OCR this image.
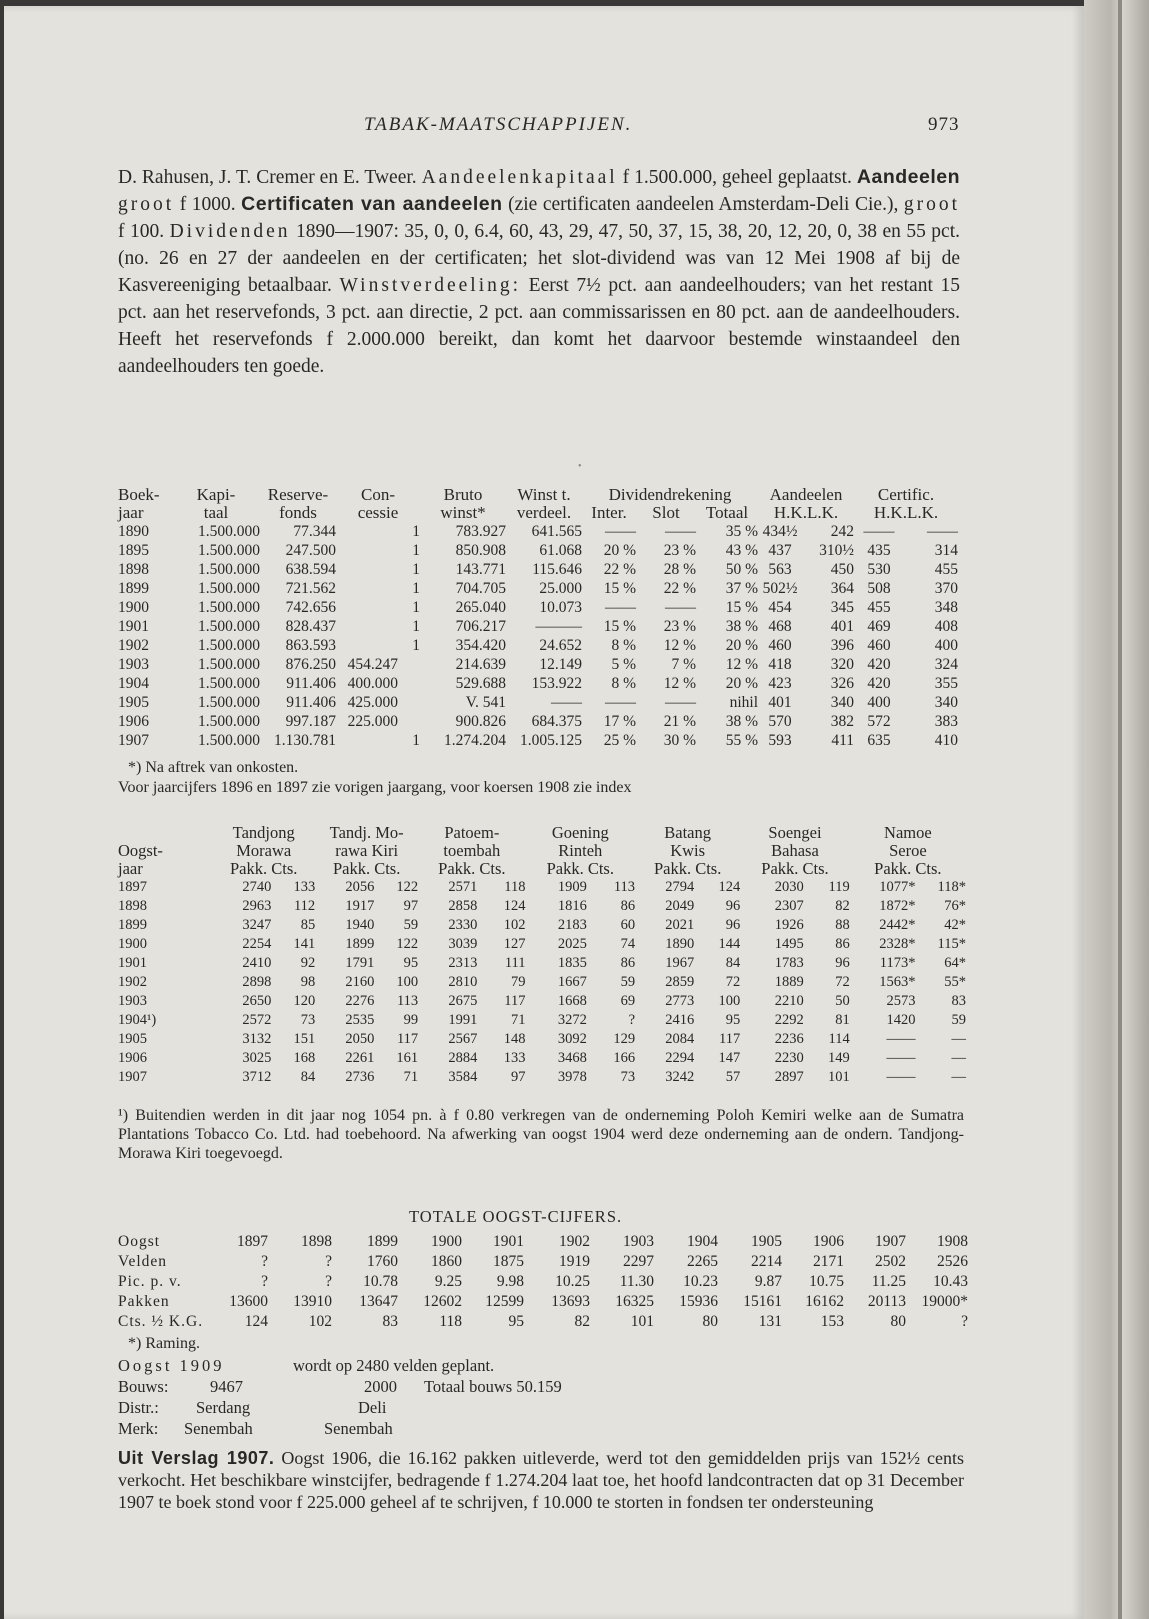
TABAK-MAATSCHAPPIJEN.	973

D. Rahusen, J. T. Cremer en E. Tweer. Aandeelenkapitaal f 1.500.000, geheel geplaatst. Aandeelen groot f 1000. Certificaten van aandeelen (zie certificaten aandeelen Amsterdam-Deli Cie.), groot f 100. Dividenden 1890—1907: 35, 0, 0, 6.4, 60, 43, 29, 47, 50, 37, 15, 38, 20, 12, 20, 0, 38 en 55 pct. (no. 26 en 27 der aandeelen en der certificaten; het slot-dividend was van 12 Mei 1908 af bij de Kasvereeniging betaalbaar. Winstverdeeling: Eerst 7½ pct. aan aandeelhouders; van het restant 15 pct. aan het reservefonds, 3 pct. aan directie, 2 pct. aan commissarissen en 80 pct. aan de aandeelhouders. Heeft het reservefonds f 2.000.000 bereikt, dan komt het daarvoor bestemde winstaandeel den aandeelhouders ten goede.

•
Boek-	Kapi-	Reserve-	Con-		Bruto	Winst t.	Dividendrekening			Aandeelen		Certific.	
jaar	taal	fonds	cessie		winst*	verdeel.	Inter.	Slot	Totaal	H.K.L.K.		H.K.L.K.	
1890	1.500.000	77.344		1	783.927	641.565	——	——	35 %	434½	242	——	——
1895	1.500.000	247.500		1	850.908	61.068	20 %	23 %	43 %	437	310½	435	314
1898	1.500.000	638.594		1	143.771	115.646	22 %	28 %	50 %	563	450	530	455
1899	1.500.000	721.562		1	704.705	25.000	15 %	22 %	37 %	502½	364	508	370
1900	1.500.000	742.656		1	265.040	10.073	——	——	15 %	454	345	455	348
1901	1.500.000	828.437		1	706.217	———	15 %	23 %	38 %	468	401	469	408
1902	1.500.000	863.593		1	354.420	24.652	8 %	12 %	20 %	460	396	460	400
1903	1.500.000	876.250	454.247		214.639	12.149	5 %	7 %	12 %	418	320	420	324
1904	1.500.000	911.406	400.000		529.688	153.922	8 %	12 %	20 %	423	326	420	355
1905	1.500.000	911.406	425.000		V. 541	——	——	——	nihil	401	340	400	340
1906	1.500.000	997.187	225.000		900.826	684.375	17 %	21 %	38 %	570	382	572	383
1907	1.500.000	1.130.781		1	1.274.204	1.005.125	25 %	30 %	55 %	593	411	635	410
*) Na aftrek van onkosten.
Voor jaarcijfers 1896 en 1897 zie vorigen jaargang, voor koersen 1908 zie index
	Tandjong		Tandj. Mo-		Patoem-		Goening		Batang		Soengei		Namoe	
Oogst-	Morawa		rawa Kiri		toembah		Rinteh		Kwis		Bahasa		Seroe	
jaar	Pakk. Cts.		Pakk. Cts.		Pakk. Cts.		Pakk. Cts.		Pakk. Cts.		Pakk. Cts.		Pakk. Cts.	
1897	2740	133	2056	122	2571	118	1909	113	2794	124	2030	119	1077*	118*
1898	2963	112	1917	97	2858	124	1816	86	2049	96	2307	82	1872*	76*
1899	3247	85	1940	59	2330	102	2183	60	2021	96	1926	88	2442*	42*
1900	2254	141	1899	122	3039	127	2025	74	1890	144	1495	86	2328*	115*
1901	2410	92	1791	95	2313	111	1835	86	1967	84	1783	96	1173*	64*
1902	2898	98	2160	100	2810	79	1667	59	2859	72	1889	72	1563*	55*
1903	2650	120	2276	113	2675	117	1668	69	2773	100	2210	50	2573	83
1904¹)	2572	73	2535	99	1991	71	3272	?	2416	95	2292	81	1420	59
1905	3132	151	2050	117	2567	148	3092	129	2084	117	2236	114	——	—
1906	3025	168	2261	161	2884	133	3468	166	2294	147	2230	149	——	—
1907	3712	84	2736	71	3584	97	3978	73	3242	57	2897	101	——	—

¹) Buitendien werden in dit jaar nog 1054 pn. à f 0.80 verkregen van de onderneming Poloh Kemiri welke aan de Sumatra Plantations Tobacco Co. Ltd. had toebehoord. Na afwerking van oogst 1904 werd deze onderneming aan de ondern. Tandjong-Morawa Kiri toegevoegd.

TOTALE OOGST-CIJFERS.
Oogst	1897	1898	1899	1900	1901	1902	1903	1904	1905	1906	1907	1908
Velden	?	?	1760	1860	1875	1919	2297	2265	2214	2171	2502	2526
Pic. p. v.	?	?	10.78	9.25	9.98	10.25	11.30	10.23	9.87	10.75	11.25	10.43
Pakken	13600	13910	13647	12602	12599	13693	16325	15936	15161	16162	20113	19000*
Cts. ½ K.G.	124	102	83	118	95	82	101	80	131	153	80	?
*) Raming.
Oogst 1909	wordt op 2480 velden geplant.
Bouws:	9467	2000 Totaal bouws 50.159
Distr.: Serdang	Deli
Merk: Senembah	Senembah

Uit Verslag 1907. Oogst 1906, die 16.162 pakken uitleverde, werd tot den gemiddelden prijs van 152½ cents verkocht. Het beschikbare winstcijfer, bedragende f 1.274.204 laat toe, het hoofd landcontracten dat op 31 December 1907 te boek stond voor f 225.000 geheel af te schrijven, f 10.000 te storten in fondsen ter ondersteuning
